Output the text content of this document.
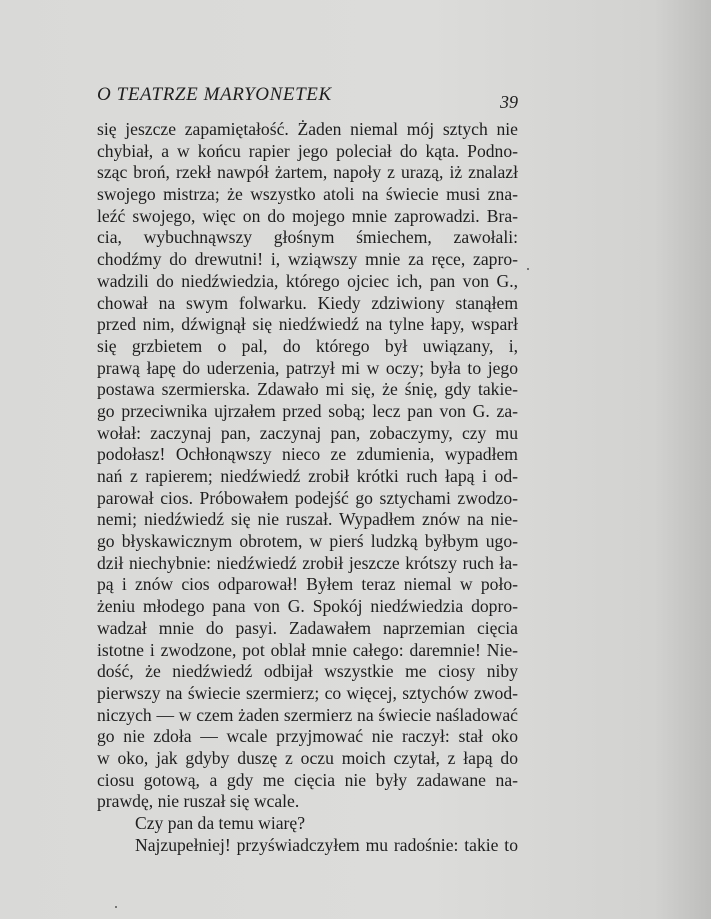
O TEATRZE MARYONETEK	39
się jeszcze zapamiętałość. Żaden niemal mój sztych nie
chybiał, a w końcu rapier jego poleciał do kąta. Podno-
sząc broń, rzekł nawpół żartem, napoły z urazą, iż znalazł
swojego mistrza; że wszystko atoli na świecie musi zna-
leźć swojego, więc on do mojego mnie zaprowadzi. Bra-
cia, wybuchnąwszy głośnym śmiechem, zawołali:
chodźmy do drewutni! i, wziąwszy mnie za ręce, zapro-
wadzili do niedźwiedzia, którego ojciec ich, pan von G.,
chował na swym folwarku. Kiedy zdziwiony stanąłem
przed nim, dźwignął się niedźwiedź na tylne łapy, wsparł
się grzbietem o pal, do którego był uwiązany, i,
prawą łapę do uderzenia, patrzył mi w oczy; była to jego
postawa szermierska. Zdawało mi się, że śnię, gdy takie-
go przeciwnika ujrzałem przed sobą; lecz pan von G. za-
wołał: zaczynaj pan, zaczynaj pan, zobaczymy, czy mu
podołasz! Ochłonąwszy nieco ze zdumienia, wypadłem
nań z rapierem; niedźwiedź zrobił krótki ruch łapą i od-
parował cios. Próbowałem podejść go sztychami zwodzo-
nemi; niedźwiedź się nie ruszał. Wypadłem znów na nie-
go błyskawicznym obrotem, w pierś ludzką byłbym ugo-
dził niechybnie: niedźwiedź zrobił jeszcze krótszy ruch ła-
pą i znów cios odparował! Byłem teraz niemal w poło-
żeniu młodego pana von G. Spokój niedźwiedzia dopro-
wadzał mnie do pasyi. Zadawałem naprzemian cięcia
istotne i zwodzone, pot oblał mnie całego: daremnie! Nie-
dość, że niedźwiedź odbijał wszystkie me ciosy niby
pierwszy na świecie szermierz; co więcej, sztychów zwod-
niczych — w czem żaden szermierz na świecie naśladować
go nie zdoła — wcale przyjmować nie raczył: stał oko
w oko, jak gdyby duszę z oczu moich czytał, z łapą do
ciosu gotową, a gdy me cięcia nie były zadawane na-
prawdę, nie ruszał się wcale.
Czy pan da temu wiarę?
Najzupełniej! przyświadczyłem mu radośnie: takie to
